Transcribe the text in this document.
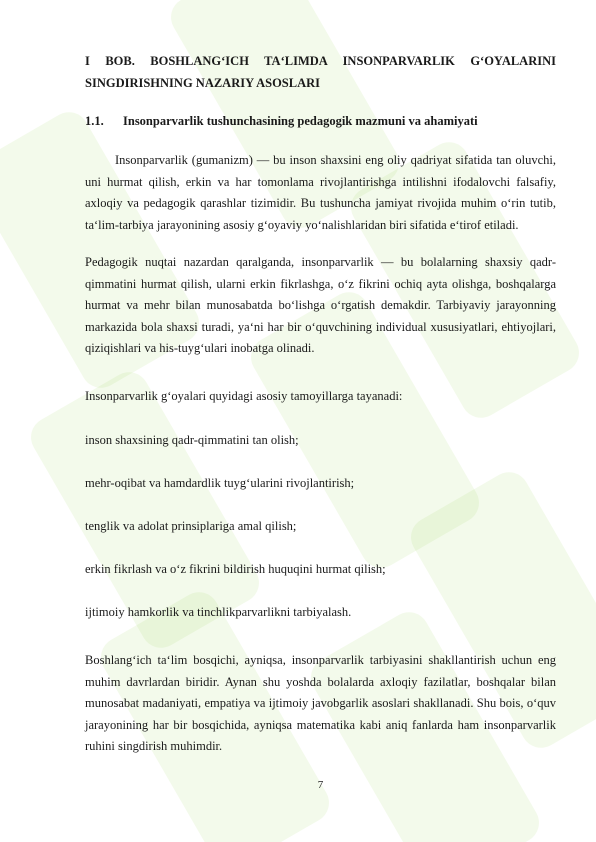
I BOB. BOSHLANG‘ICH TA‘LIMDA INSONPARVARLIK G‘OYALARINI SINGDIRISHNING NAZARIY ASOSLARI

1.1. Insonparvarlik tushunchasining pedagogik mazmuni va ahamiyati

Insonparvarlik (gumanizm) — bu inson shaxsini eng oliy qadriyat sifatida tan oluvchi, uni hurmat qilish, erkin va har tomonlama rivojlantirishga intilishni ifodalovchi falsafiy, axloqiy va pedagogik qarashlar tizimidir. Bu tushuncha jamiyat rivojida muhim o‘rin tutib, ta‘lim-tarbiya jarayonining asosiy g‘oyaviy yo‘nalishlaridan biri sifatida e‘tirof etiladi.

Pedagogik nuqtai nazardan qaralganda, insonparvarlik — bu bolalarning shaxsiy qadr-qimmatini hurmat qilish, ularni erkin fikrlashga, o‘z fikrini ochiq ayta olishga, boshqalarga hurmat va mehr bilan munosabatda bo‘lishga o‘rgatish demakdir. Tarbiyaviy jarayonning markazida bola shaxsi turadi, ya‘ni har bir o‘quvchining individual xususiyatlari, ehtiyojlari, qiziqishlari va his-tuyg‘ulari inobatga olinadi.

Insonparvarlik g‘oyalari quyidagi asosiy tamoyillarga tayanadi:

inson shaxsining qadr-qimmatini tan olish;

mehr-oqibat va hamdardlik tuyg‘ularini rivojlantirish;

tenglik va adolat prinsiplariga amal qilish;

erkin fikrlash va o‘z fikrini bildirish huquqini hurmat qilish;

ijtimoiy hamkorlik va tinchlikparvarlikni tarbiyalash.

Boshlang‘ich ta‘lim bosqichi, ayniqsa, insonparvarlik tarbiyasini shakllantirish uchun eng muhim davrlardan biridir. Aynan shu yoshda bolalarda axloqiy fazilatlar, boshqalar bilan munosabat madaniyati, empatiya va ijtimoiy javobgarlik asoslari shakllanadi. Shu bois, o‘quv jarayonining har bir bosqichida, ayniqsa matematika kabi aniq fanlarda ham insonparvarlik ruhini singdirish muhimdir.

7
